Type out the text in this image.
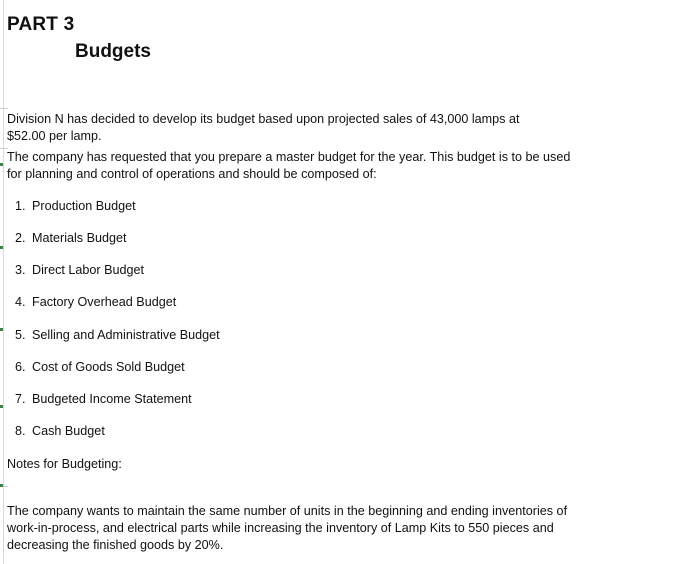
PART 3
Budgets
Division N has decided to develop its budget based upon projected sales of 43,000 lamps at
$52.00 per lamp.
The company has requested that you prepare a master budget for the year. This budget is to be used
for planning and control of operations and should be composed of:
1. Production Budget
2. Materials Budget
3. Direct Labor Budget
4. Factory Overhead Budget
5. Selling and Administrative Budget
6. Cost of Goods Sold Budget
7. Budgeted Income Statement
8. Cash Budget
Notes for Budgeting:
The company wants to maintain the same number of units in the beginning and ending inventories of
work-in-process, and electrical parts while increasing the inventory of Lamp Kits to 550 pieces and
decreasing the finished goods by 20%.
